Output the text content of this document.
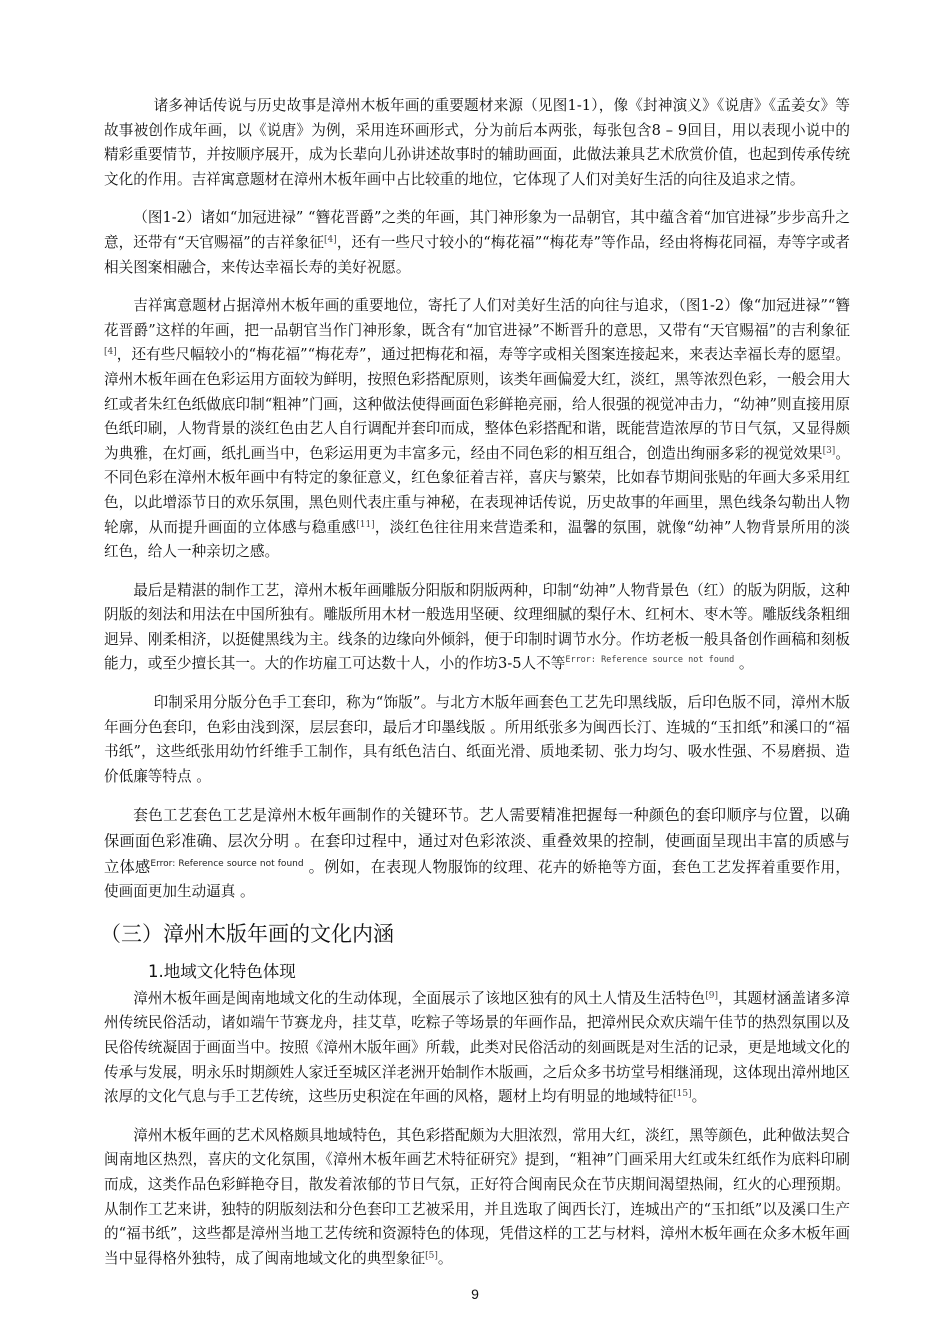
诸多神话传说与历史故事是漳州木板年画的重要题材来源（见图1-1），像《封神演义》《说唐》《孟姜女》等故事被创作成年画，以《说唐》为例，采用连环画形式，分为前后本两张，每张包含8 – 9回目，用以表现小说中的精彩重要情节，并按顺序展开，成为长辈向儿孙讲述故事时的辅助画面，此做法兼具艺术欣赏价值，也起到传承传统文化的作用。吉祥寓意题材在漳州木板年画中占比较重的地位，它体现了人们对美好生活的向往及追求之情。

（图1-2）诸如“加冠进禄” “簪花晋爵”之类的年画，其门神形象为一品朝官，其中蕴含着“加官进禄”步步高升之意，还带有“天官赐福”的吉祥象征[4]，还有一些尺寸较小的“梅花福”“梅花寿”等作品，经由将梅花同福，寿等字或者相关图案相融合，来传达幸福长寿的美好祝愿。

吉祥寓意题材占据漳州木板年画的重要地位，寄托了人们对美好生活的向往与追求，（图1-2）像“加冠进禄”“簪花晋爵”这样的年画，把一品朝官当作门神形象，既含有“加官进禄”不断晋升的意思，又带有“天官赐福”的吉利象征[4]，还有些尺幅较小的“梅花福”“梅花寿”，通过把梅花和福，寿等字或相关图案连接起来，来表达幸福长寿的愿望。漳州木板年画在色彩运用方面较为鲜明，按照色彩搭配原则，该类年画偏爱大红，淡红，黑等浓烈色彩，一般会用大红或者朱红色纸做底印制“粗神”门画，这种做法使得画面色彩鲜艳亮丽，给人很强的视觉冲击力，“幼神”则直接用原色纸印刷，人物背景的淡红色由艺人自行调配并套印而成，整体色彩搭配和谐，既能营造浓厚的节日气氛，又显得颇为典雅，在灯画，纸扎画当中，色彩运用更为丰富多元，经由不同色彩的相互组合，创造出绚丽多彩的视觉效果[3]。不同色彩在漳州木板年画中有特定的象征意义，红色象征着吉祥，喜庆与繁荣，比如春节期间张贴的年画大多采用红色，以此增添节日的欢乐氛围，黑色则代表庄重与神秘，在表现神话传说，历史故事的年画里，黑色线条勾勒出人物轮廓，从而提升画面的立体感与稳重感[11]，淡红色往往用来营造柔和，温馨的氛围，就像“幼神”人物背景所用的淡红色，给人一种亲切之感。

最后是精湛的制作工艺，漳州木板年画雕版分阳版和阴版两种，印制“幼神”人物背景色（红）的版为阴版，这种阴版的刻法和用法在中国所独有。雕版所用木材一般选用坚硬、纹理细腻的梨仔木、红柯木、枣木等。雕版线条粗细迥异、刚柔相济，以挺健黑线为主。线条的边缘向外倾斜，便于印制时调节水分。作坊老板一般具备创作画稿和刻板能力，或至少擅长其一。大的作坊雇工可达数十人，小的作坊3-5人不等$^{Error: Reference source not found}$ 。

印制采用分版分色手工套印，称为“饰版”。与北方木版年画套色工艺先印黑线版，后印色版不同，漳州木版年画分色套印，色彩由浅到深，层层套印，最后才印墨线版 。所用纸张多为闽西长汀、连城的“玉扣纸”和溪口的“福书纸”，这些纸张用幼竹纤维手工制作，具有纸色洁白、纸面光滑、质地柔韧、张力均匀、吸水性强、不易磨损、造价低廉等特点 。

套色工艺套色工艺是漳州木板年画制作的关键环节。艺人需要精准把握每一种颜色的套印顺序与位置，以确保画面色彩准确、层次分明 。在套印过程中，通过对色彩浓淡、重叠效果的控制，使画面呈现出丰富的质感与立体感$^{Error: Reference source not found}$ 。例如，在表现人物服饰的纹理、花卉的娇艳等方面，套色工艺发挥着重要作用，使画面更加生动逼真 。

（三）漳州木版年画的文化内涵
1.地域文化特色体现

漳州木板年画是闽南地域文化的生动体现，全面展示了该地区独有的风土人情及生活特色[9]，其题材涵盖诸多漳州传统民俗活动，诸如端午节赛龙舟，挂艾草，吃粽子等场景的年画作品，把漳州民众欢庆端午佳节的热烈氛围以及民俗传统凝固于画面当中。按照《漳州木版年画》所载，此类对民俗活动的刻画既是对生活的记录，更是地域文化的传承与发展，明永乐时期颜姓人家迁至城区洋老洲开始制作木版画，之后众多书坊堂号相继涌现，这体现出漳州地区浓厚的文化气息与手工艺传统，这些历史积淀在年画的风格，题材上均有明显的地域特征[15]。

漳州木板年画的艺术风格颇具地域特色，其色彩搭配颇为大胆浓烈，常用大红，淡红，黑等颜色，此种做法契合闽南地区热烈，喜庆的文化氛围，《漳州木板年画艺术特征研究》提到，“粗神”门画采用大红或朱红纸作为底料印刷而成，这类作品色彩鲜艳夺目，散发着浓郁的节日气氛，正好符合闽南民众在节庆期间渴望热闹，红火的心理预期。从制作工艺来讲，独特的阴版刻法和分色套印工艺被采用，并且选取了闽西长汀，连城出产的“玉扣纸”以及溪口生产的“福书纸”，这些都是漳州当地工艺传统和资源特色的体现，凭借这样的工艺与材料，漳州木板年画在众多木板年画当中显得格外独特，成了闽南地域文化的典型象征[5]。

9
